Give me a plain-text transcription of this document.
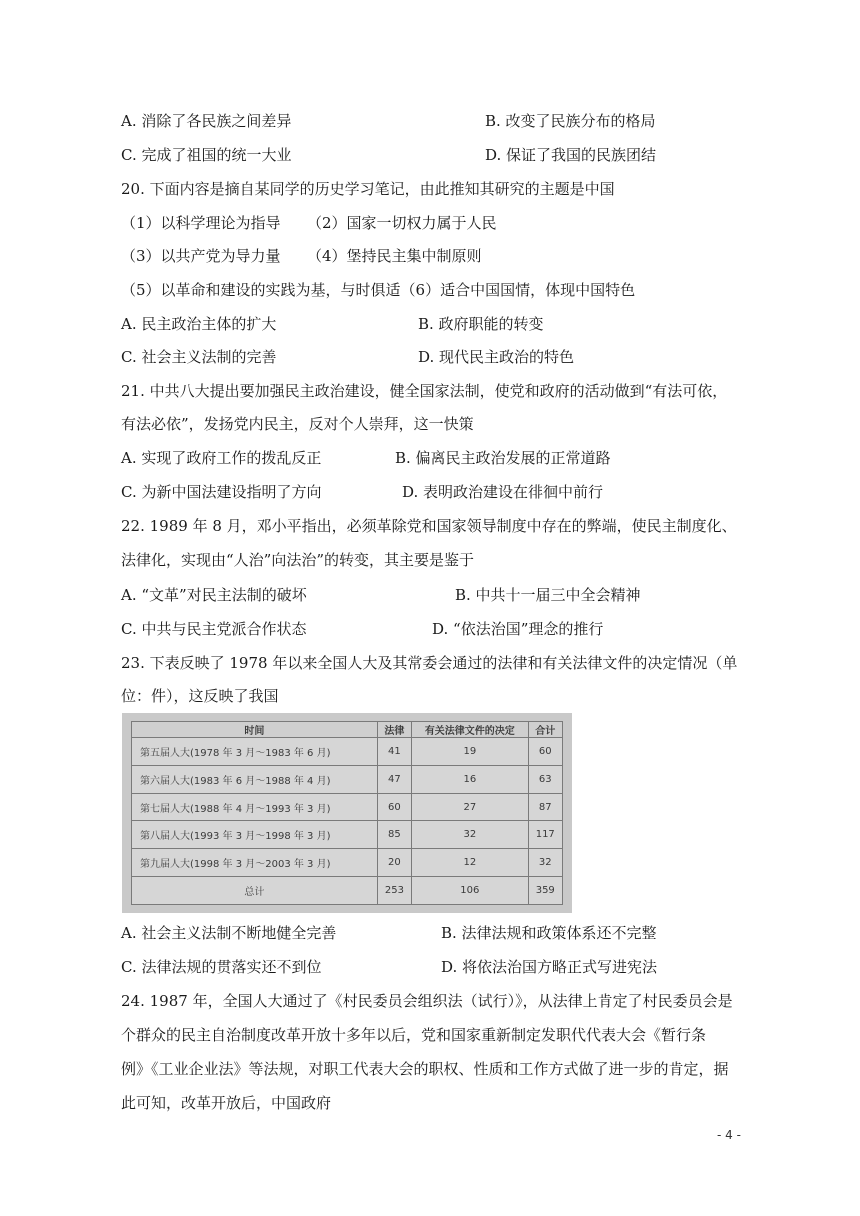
A. 消除了各民族之间差异	B. 改变了民族分布的格局
C. 完成了祖国的统一大业	D. 保证了我国的民族团结
20. 下面内容是摘自某同学的历史学习笔记，由此推知其研究的主题是中国
（1）以科学理论为指导 （2）国家一切权力属于人民
（3）以共产党为导力量 （4）堡持民主集中制原则
（5）以革命和建设的实践为基，与时俱适（6）适合中国国情，体现中国特色
A. 民主政治主体的扩大	B. 政府职能的转变
C. 社会主义法制的完善	D. 现代民主政治的特色
21. 中共八大提出要加强民主政治建设，健全国家法制，使党和政府的活动做到“有法可依，
有法必依”，发扬党内民主，反对个人崇拜，这一快策
A. 实现了政府工作的拨乱反正	B. 偏离民主政治发展的正常道路
C. 为新中国法建设指明了方向	D. 表明政治建设在徘徊中前行
22. 1989 年 8 月，邓小平指出，必须革除党和国家领导制度中存在的弊端，使民主制度化、
法律化，实现由“人治”向法治”的转变，其主要是鉴于
A. “文革”对民主法制的破坏	B. 中共十一届三中全会精神
C. 中共与民主党派合作状态	D. “依法治国”理念的推行
23. 下表反映了 1978 年以来全国人大及其常委会通过的法律和有关法律文件的决定情况（单
位：件），这反映了我国
时间	法律	有关法律文件的决定	合计
第五届人大(1978 年 3 月～1983 年 6 月)	41	19	60
第六届人大(1983 年 6 月～1988 年 4 月)	47	16	63
第七届人大(1988 年 4 月～1993 年 3 月)	60	27	87
第八届人大(1993 年 3 月～1998 年 3 月)	85	32	117
第九届人大(1998 年 3 月～2003 年 3 月)	20	12	32
总计	253	106	359
A. 社会主义法制不断地健全完善	B. 法律法规和政策体系还不完整
C. 法律法规的贯落实还不到位	D. 将依法治国方略正式写进宪法
24. 1987 年，全国人大通过了《村民委员会组织法（试行）》，从法律上肯定了村民委员会是
个群众的民主自治制度改革开放十多年以后，党和国家重新制定发职代代表大会《暂行条
例》《工业企业法》等法规，对职工代表大会的职权、性质和工作方式做了进一步的肯定，据
此可知，改革开放后，中国政府
- 4 -
